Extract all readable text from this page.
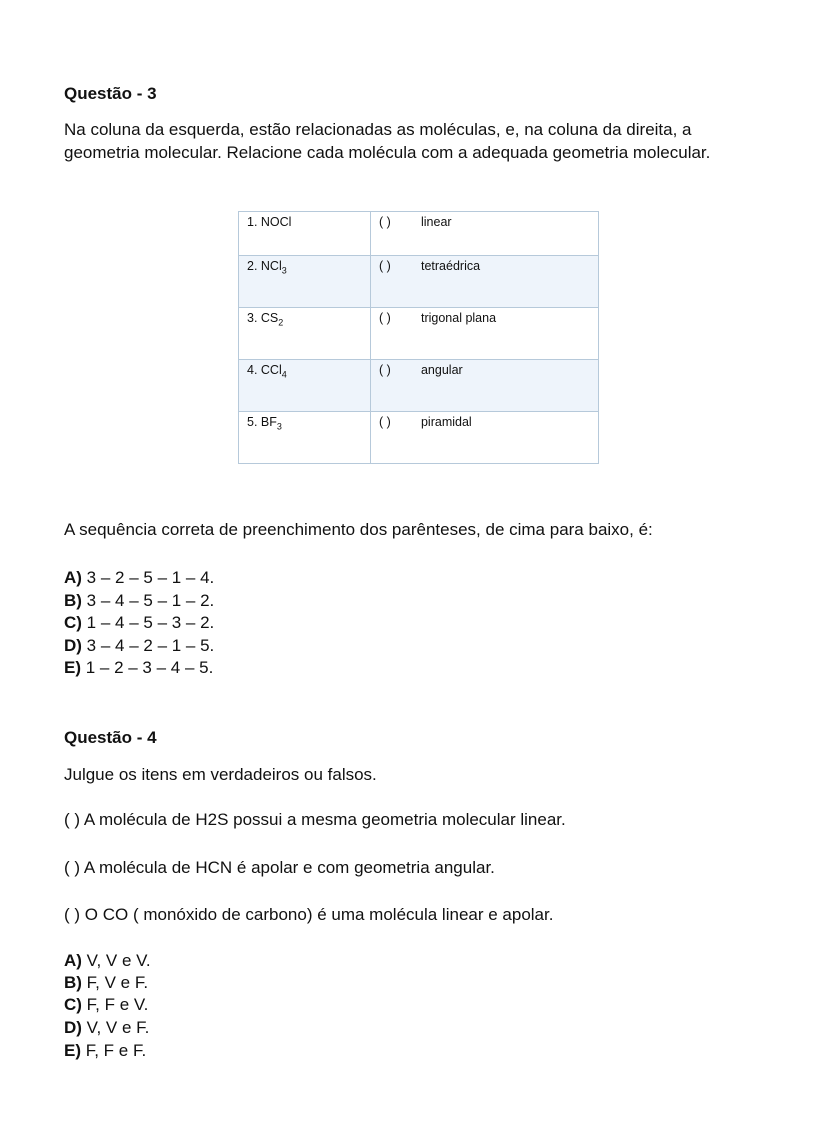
Questão - 3
Na coluna da esquerda, estão relacionadas as moléculas, e, na coluna da direita, a geometria molecular. Relacione cada molécula com a adequada geometria molecular.
1. NOCl	( ) linear
2. NCl$_3$	( ) tetraédrica
3. $CS_2$	( ) trigonal plana
4. CCl$_4$	( ) angular
5. $BF_3$	( ) piramidal
A sequência correta de preenchimento dos parênteses, de cima para baixo, é:
A) 3 – 2 – 5 – 1 – 4.
B) 3 – 4 – 5 – 1 – 2.
C) 1 – 4 – 5 – 3 – 2.
D) 3 – 4 – 2 – 1 – 5.
E) 1 – 2 – 3 – 4 – 5.
Questão - 4
Julgue os itens em verdadeiros ou falsos.
( ) A molécula de H2S possui a mesma geometria molecular linear.
( ) A molécula de HCN é apolar e com geometria angular.
( ) O CO ( monóxido de carbono) é uma molécula linear e apolar.
A) V, V e V.
B) F, V e F.
C) F, F e V.
D) V, V e F.
E) F, F e F.
